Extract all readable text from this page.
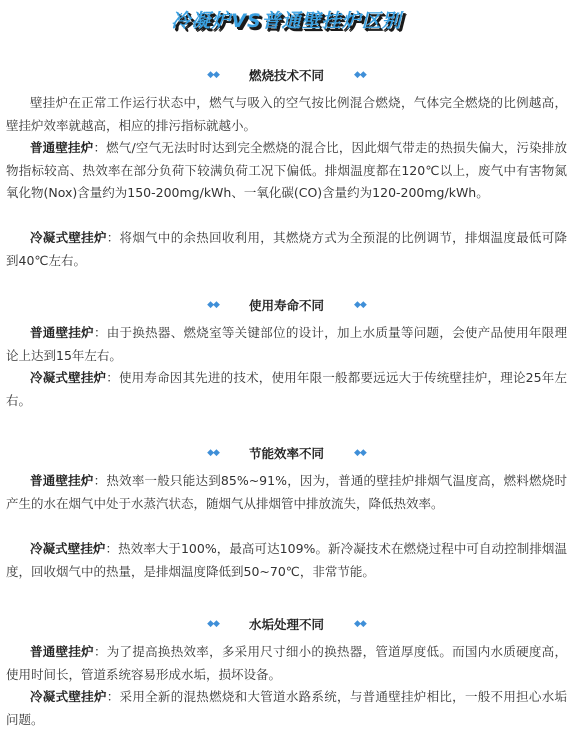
冷凝炉VS普通壁挂炉区别
◆◆ 燃烧技术不同	◆◆

壁挂炉在正常工作运行状态中，燃气与吸入的空气按比例混合燃烧，气体完全燃烧的比例越高，壁挂炉效率就越高，相应的排污指标就越小。

普通壁挂炉：燃气/空气无法时时达到完全燃烧的混合比，因此烟气带走的热损失偏大，污染排放物指标较高、热效率在部分负荷下较满负荷工况下偏低。排烟温度都在120℃以上，废气中有害物氮氧化物(Nox)含量约为150-200mg/kWh、一氧化碳(CO)含量约为120-200mg/kWh。

冷凝式壁挂炉：将烟气中的余热回收利用，其燃烧方式为全预混的比例调节，排烟温度最低可降到40℃左右。

◆◆ 使用寿命不同	◆◆

普通壁挂炉：由于换热器、燃烧室等关键部位的设计，加上水质量等问题，会使产品使用年限理论上达到15年左右。

冷凝式壁挂炉：使用寿命因其先进的技术，使用年限一般都要远远大于传统壁挂炉，理论25年左右。

◆◆ 节能效率不同	◆◆

普通壁挂炉：热效率一般只能达到85%~91%，因为，普通的壁挂炉排烟气温度高，燃料燃烧时产生的水在烟气中处于水蒸汽状态，随烟气从排烟管中排放流失，降低热效率。

冷凝式壁挂炉：热效率大于100%，最高可达109%。新冷凝技术在燃烧过程中可自动控制排烟温度，回收烟气中的热量，是排烟温度降低到50~70℃，非常节能。

◆◆ 水垢处理不同	◆◆

普通壁挂炉：为了提高换热效率，多采用尺寸细小的换热器，管道厚度低。而国内水质硬度高，使用时间长，管道系统容易形成水垢，损坏设备。

冷凝式壁挂炉：采用全新的混热燃烧和大管道水路系统，与普通壁挂炉相比，一般不用担心水垢问题。
